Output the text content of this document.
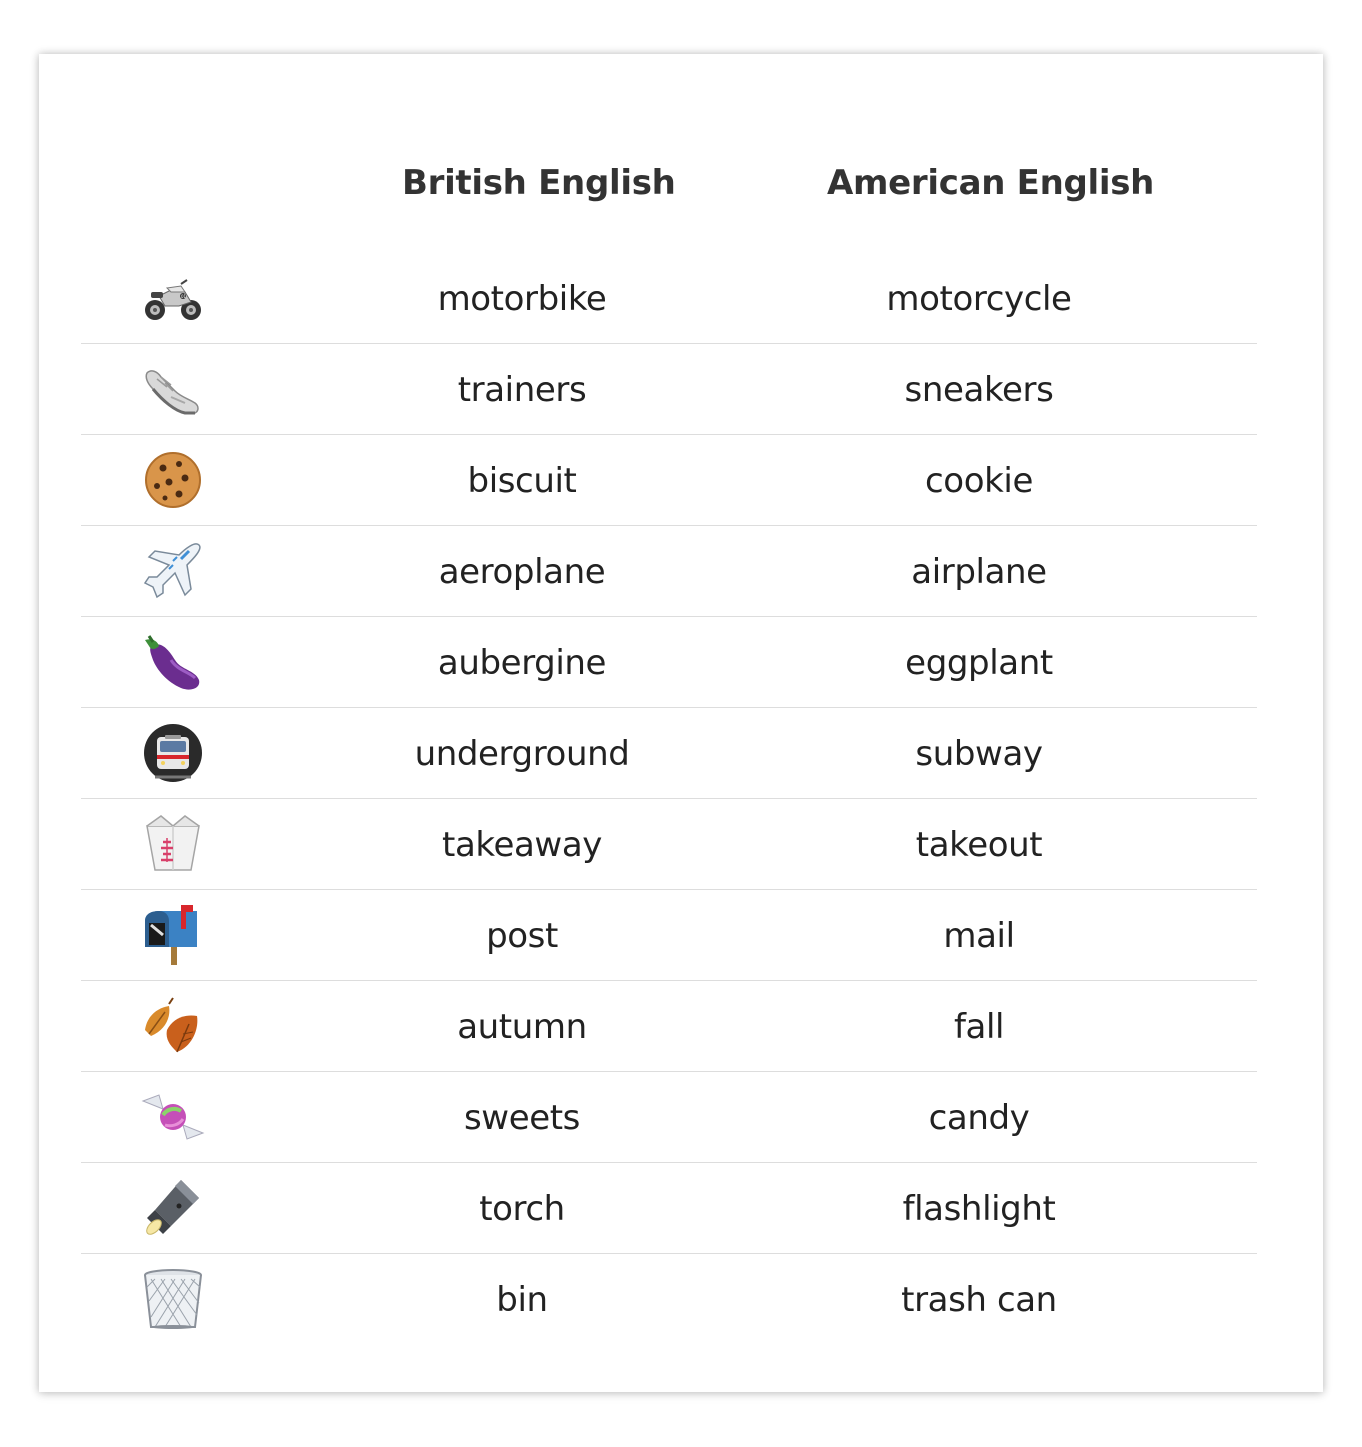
British English	American English
01	motorbike	motorcycle
trainers	sneakers
biscuit	cookie
aeroplane	airplane
aubergine	eggplant
underground	subway
takeaway	takeout
post	mail
autumn	fall
sweets	candy
torch	flashlight
bin	trash can
